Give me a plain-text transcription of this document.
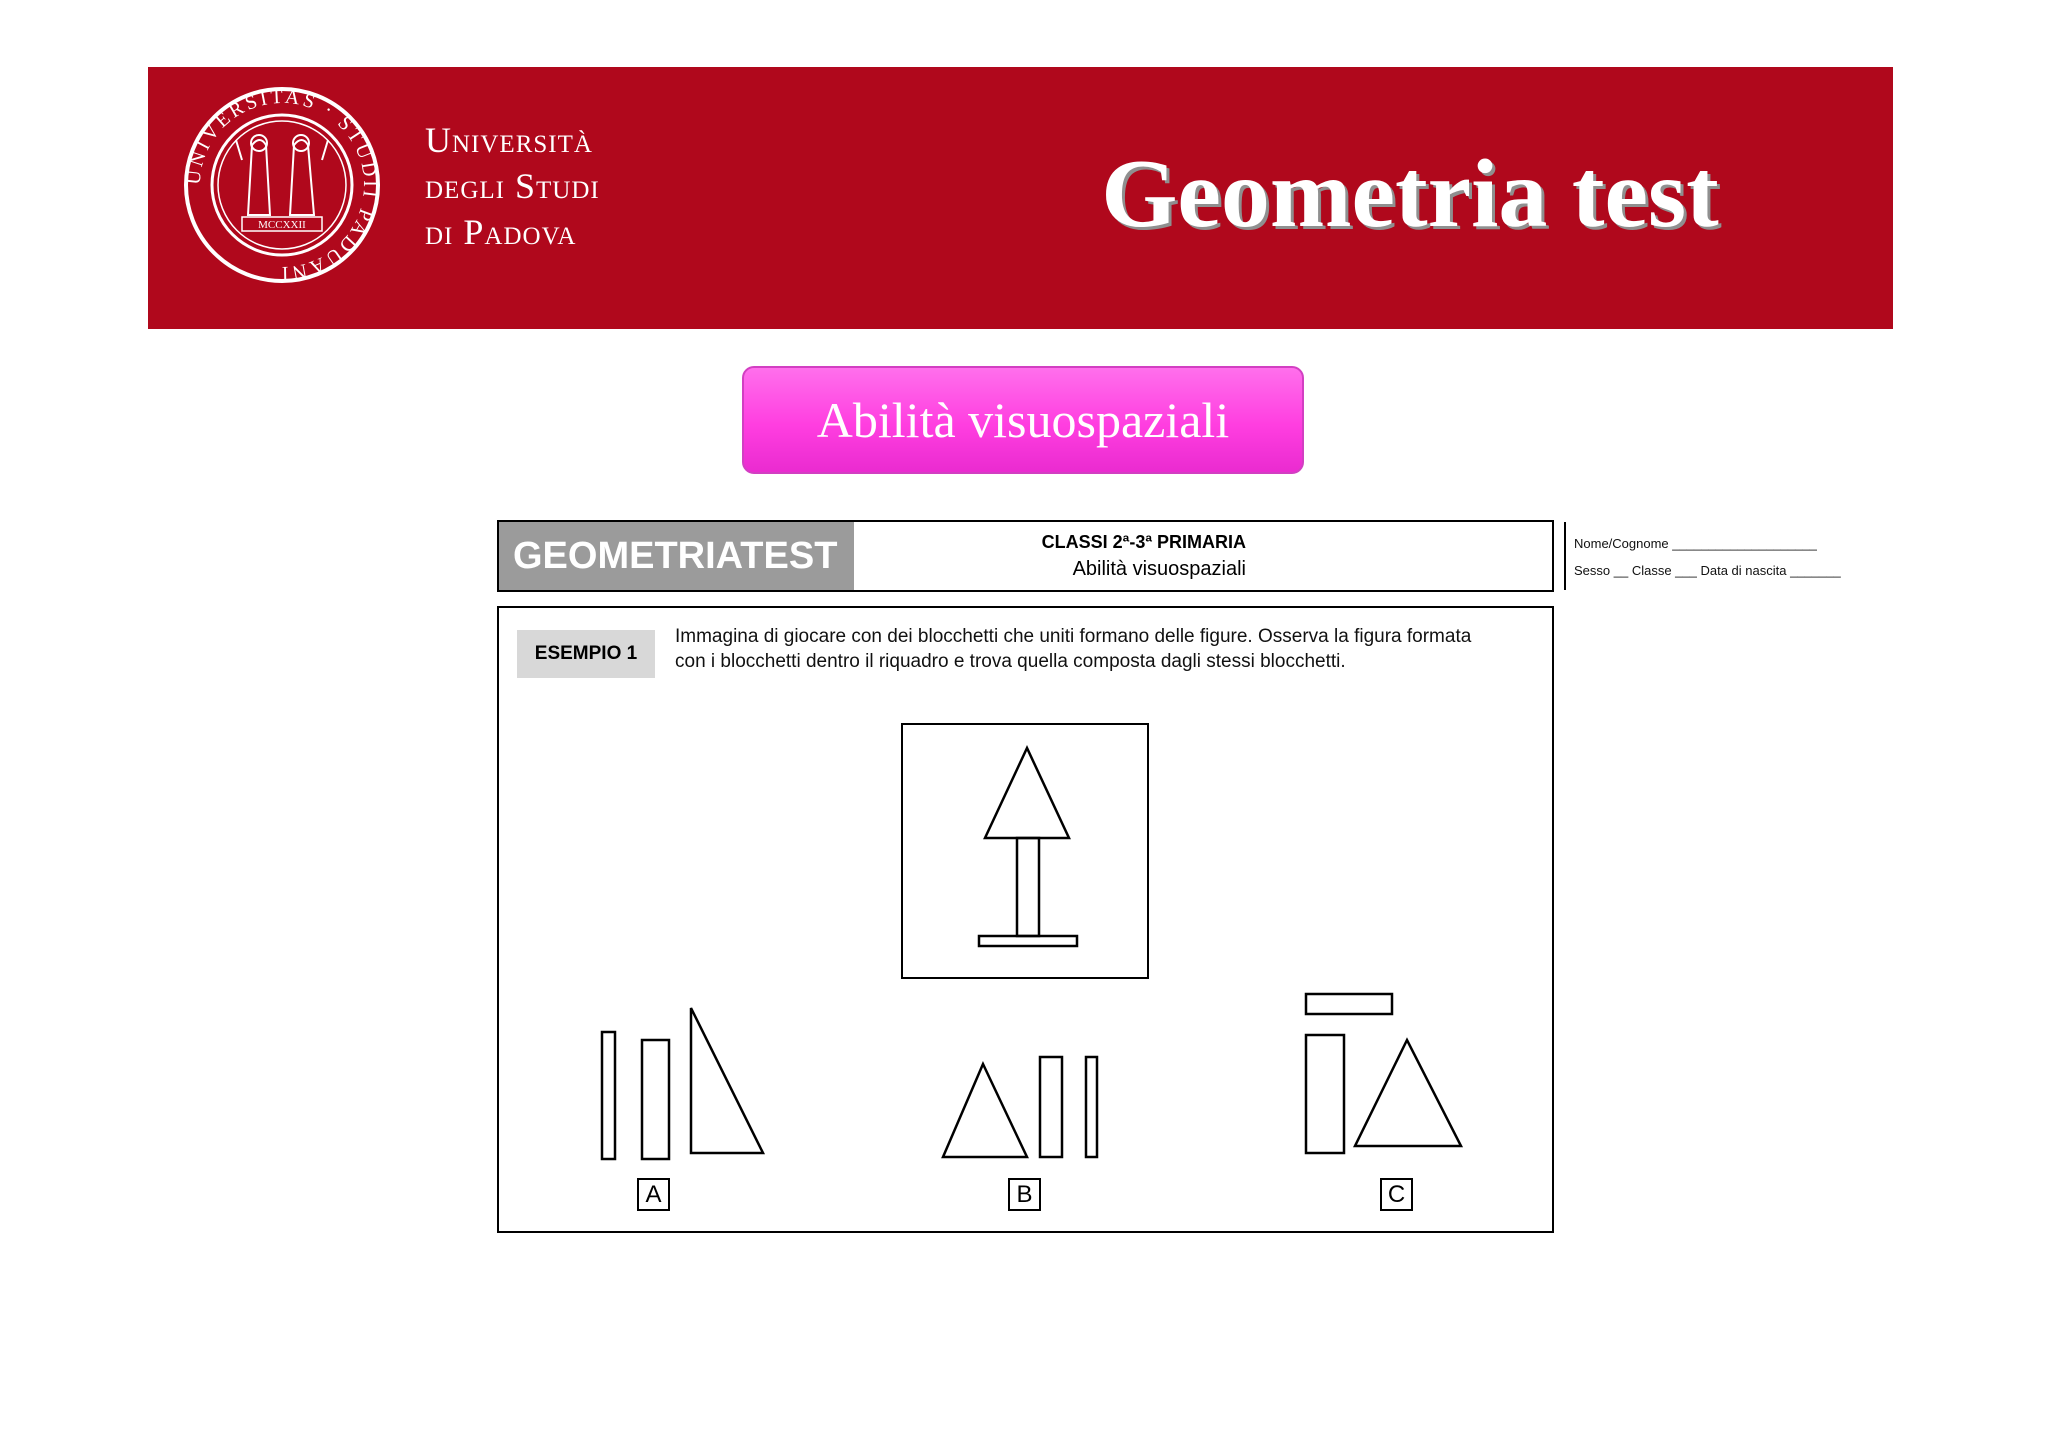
UNIVERSITAS · STUDII PADUANI
MCCXXII
Università
degli Studi
di Padova	Geometria test
Abilità visuospaziali
GEOMETRIATEST	CLASSI 2ª-3ª PRIMARIA
Abilità visuospaziali
Nome/Cognome ____________________
Sesso __ Classe ___ Data di nascita _______
ESEMPIO 1
Immagina di giocare con dei blocchetti che uniti formano delle figure. Osserva la figura formata
con i blocchetti dentro il riquadro e trova quella composta dagli stessi blocchetti.
A	B	C
